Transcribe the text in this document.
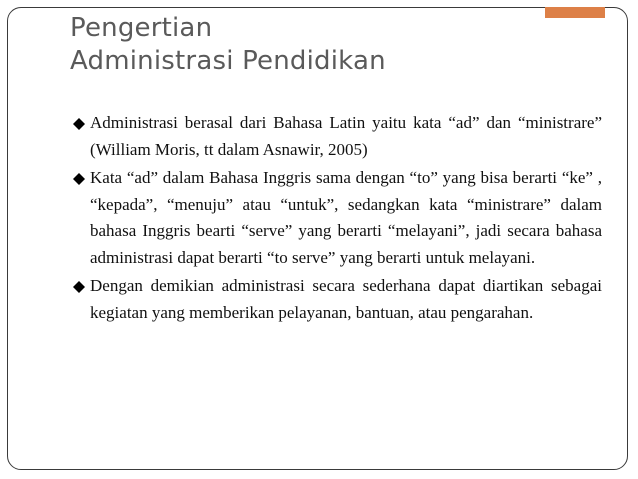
Pengertian
Administrasi Pendidikan

Administrasi berasal dari Bahasa Latin yaitu kata “ad” dan “ministrare” (William Moris, tt dalam Asnawir, 2005)

Kata “ad” dalam Bahasa Inggris sama dengan “to” yang bisa berarti “ke” , “kepada”, “menuju” atau “untuk”, sedangkan kata “ministrare” dalam bahasa Inggris bearti “serve” yang berarti “melayani”, jadi secara bahasa administrasi dapat berarti “to serve” yang berarti untuk melayani.

Dengan demikian administrasi secara sederhana dapat diartikan sebagai kegiatan yang memberikan pelayanan, bantuan, atau pengarahan.
